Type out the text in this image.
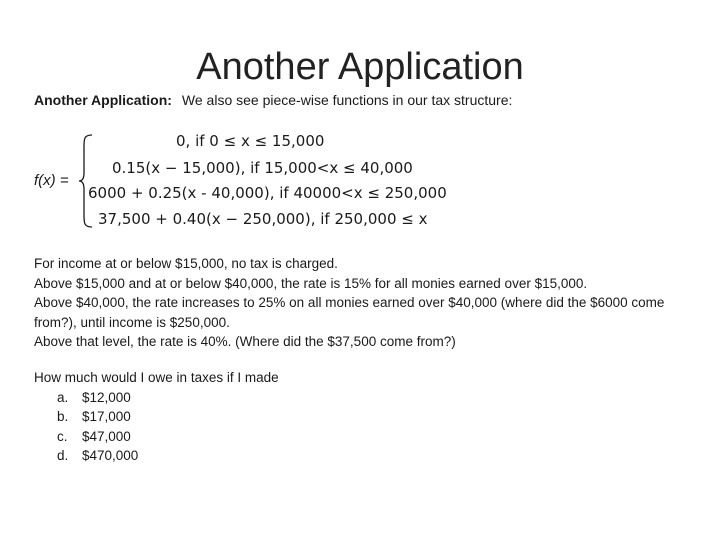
Another Application
Another Application: We also see piece-wise functions in our tax structure:
f(x) =
0, if 0 ≤ x ≤ 15,000
0.15(x − 15,000), if 15,000<x ≤ 40,000
6000 + 0.25(x - 40,000), if 40000<x ≤ 250,000
37,500 + 0.40(x − 250,000), if 250,000 ≤ x

For income at or below $15,000, no tax is charged.

Above $15,000 and at or below $40,000, the rate is 15% for all monies earned over $15,000.

Above $40,000, the rate increases to 25% on all monies earned over $40,000 (where did the $6000 come from?), until income is $250,000.

Above that level, the rate is 40%. (Where did the $37,500 come from?)

How much would I owe in taxes if I made
a.	$12,000
b.	$17,000
c.	$47,000
d.	$470,000
